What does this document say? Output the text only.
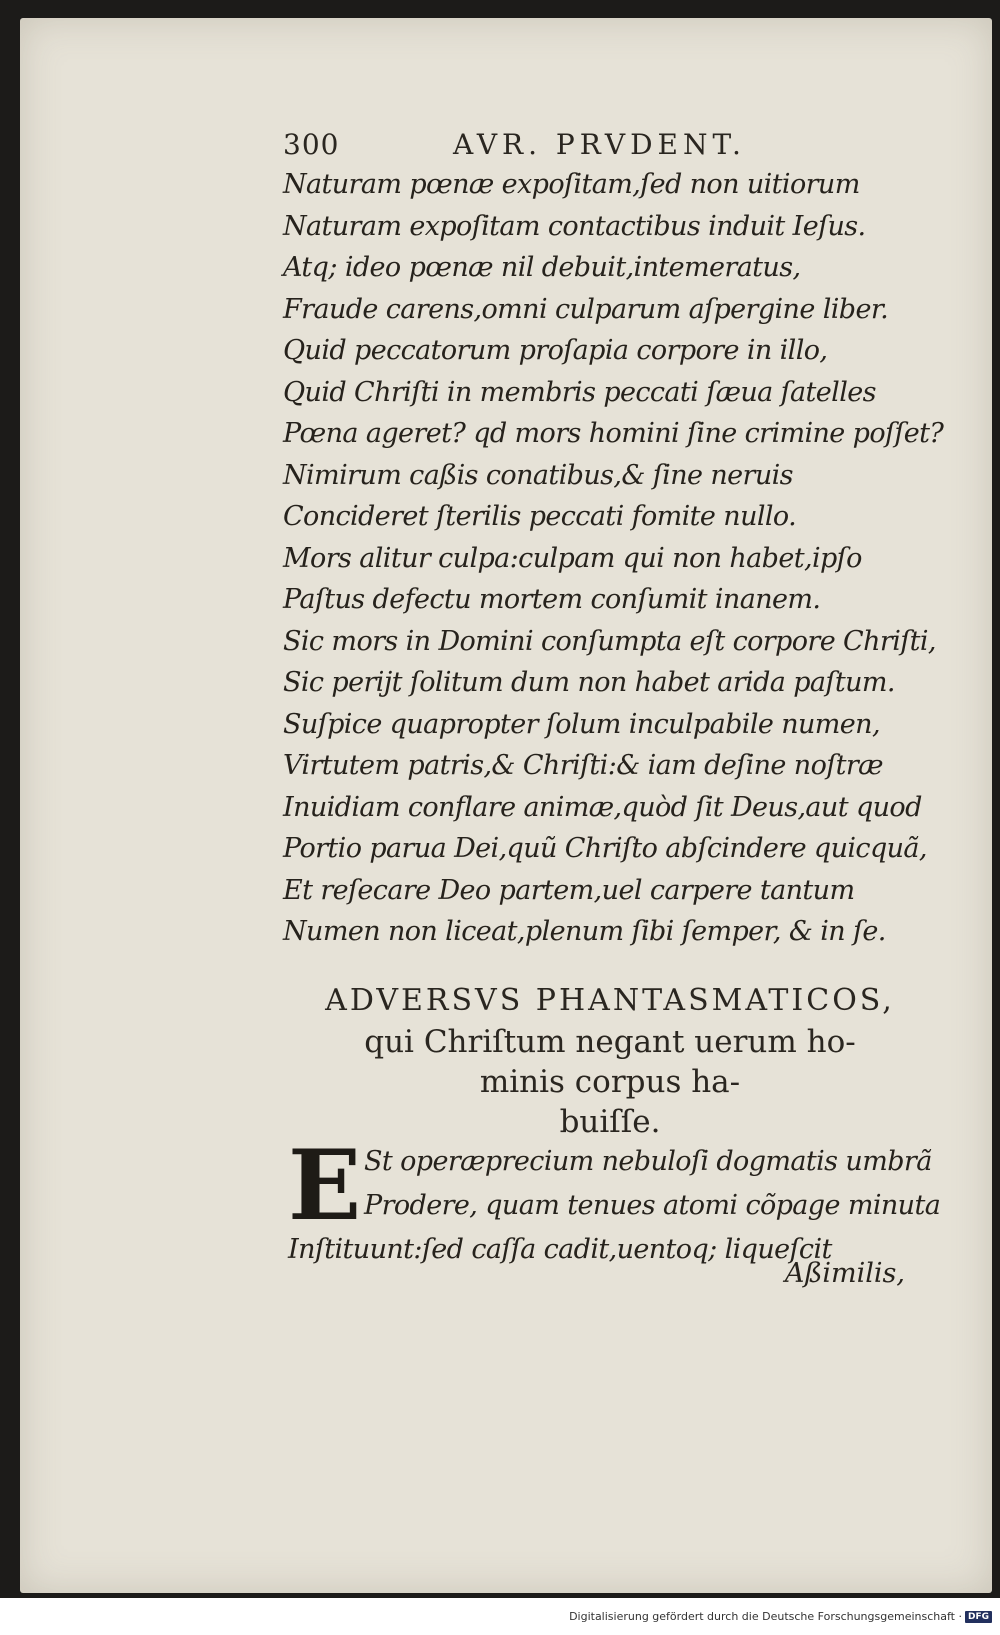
300	AVR. PRVDENT.
Naturam pœnæ expoſitam,ſed non uitiorum
Naturam expoſitam contactibus induit Ieſus.
Atq; ideo pœnæ nil debuit,intemeratus,
Fraude carens,omni culparum aſpergine liber.
Quid peccatorum proſapia corpore in illo,
Quid Chriſti in membris peccati ſæua ſatelles
Pœna ageret? qd mors homini ſine crimine poſſet?
Nimirum caßis conatibus,& ſine neruis
Concideret ſterilis peccati fomite nullo.
Mors alitur culpa:culpam qui non habet,ipſo
Paſtus defectu mortem conſumit inanem.
Sic mors in Domini conſumpta eſt corpore Chriſti,
Sic perijt ſolitum dum non habet arida paſtum.
Suſpice quapropter ſolum inculpabile numen,
Virtutem patris,& Chriſti:& iam deſine noſtræ
Inuidiam conflare animæ,quòd ſit Deus,aut quod
Portio parua Dei,quũ Chriſto abſcindere quicquã,
Et reſecare Deo partem,uel carpere tantum
Numen non liceat,plenum ſibi ſemper, & in ſe.
ADVERSVS PHANTASMATICOS,
qui Chriſtum negant uerum ho-
minis corpus ha-
buiſſe.
E St operæprecium nebuloſi dogmatis umbrã
Prodere, quam tenues atomi cõpage minuta
Inſtituunt:ſed caſſa cadit,uentoq; liqueſcit
Aßimilis,
Digitalisierung gefördert durch die Deutsche Forschungsgemeinschaft · DFG
